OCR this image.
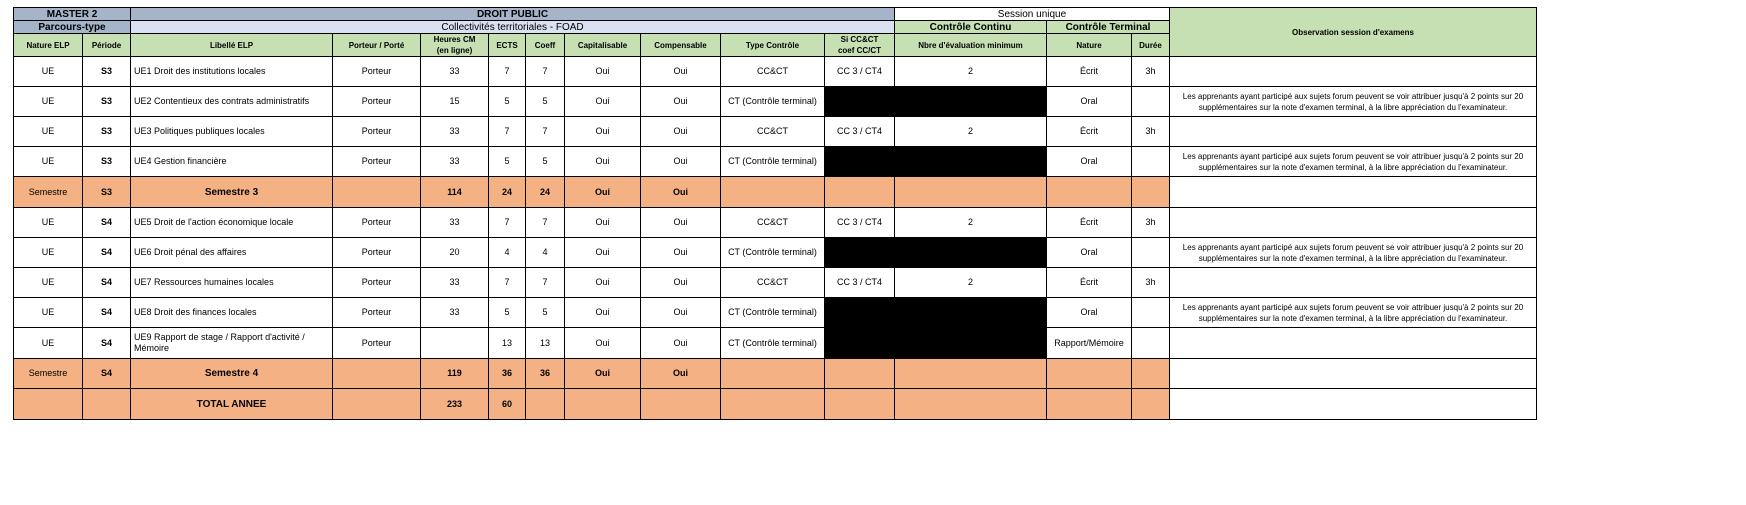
MASTER 2		DROIT PUBLIC									Session unique			Observation session d'examens
Parcours-type		Collectivités territoriales - FOAD									Contrôle Continu	Contrôle Terminal		
Nature ELP	Période	Libellé ELP	Porteur / Porté	Heures CM
(en ligne)	ECTS	Coeff	Capitalisable	Compensable	Type Contrôle	Si CC&CT
coef CC/CT	Nbre d'évaluation minimum	Nature	Durée	
UE	S3	UE1 Droit des institutions locales	Porteur	33	7	7	Oui	Oui	CC&CT	CC 3 / CT4	2	Écrit	3h	
UE	S3	UE2 Contentieux des contrats administratifs	Porteur	15	5	5	Oui	Oui	CT (Contrôle terminal)			Oral		Les apprenants ayant participé aux sujets forum peuvent se voir attribuer jusqu'à 2 points sur 20 supplémentaires sur la note d'examen terminal, à la libre appréciation du l'examinateur.
UE	S3	UE3 Politiques publiques locales	Porteur	33	7	7	Oui	Oui	CC&CT	CC 3 / CT4	2	Écrit	3h	
UE	S3	UE4 Gestion financière	Porteur	33	5	5	Oui	Oui	CT (Contrôle terminal)			Oral		Les apprenants ayant participé aux sujets forum peuvent se voir attribuer jusqu'à 2 points sur 20 supplémentaires sur la note d'examen terminal, à la libre appréciation du l'examinateur.
Semestre	S3	Semestre 3		114	24	24	Oui	Oui						
UE	S4	UE5 Droit de l'action économique locale	Porteur	33	7	7	Oui	Oui	CC&CT	CC 3 / CT4	2	Écrit	3h	
UE	S4	UE6 Droit pénal des affaires	Porteur	20	4	4	Oui	Oui	CT (Contrôle terminal)			Oral		Les apprenants ayant participé aux sujets forum peuvent se voir attribuer jusqu'à 2 points sur 20 supplémentaires sur la note d'examen terminal, à la libre appréciation du l'examinateur.
UE	S4	UE7 Ressources humaines locales	Porteur	33	7	7	Oui	Oui	CC&CT	CC 3 / CT4	2	Écrit	3h	
UE	S4	UE8 Droit des finances locales	Porteur	33	5	5	Oui	Oui	CT (Contrôle terminal)			Oral		Les apprenants ayant participé aux sujets forum peuvent se voir attribuer jusqu'à 2 points sur 20 supplémentaires sur la note d'examen terminal, à la libre appréciation du l'examinateur.
UE	S4	UE9 Rapport de stage / Rapport d'activité / Mémoire	Porteur		13	13	Oui	Oui	CT (Contrôle terminal)			Rapport/Mémoire		
Semestre	S4	Semestre 4		119	36	36	Oui	Oui						
		TOTAL ANNEE		233	60									
